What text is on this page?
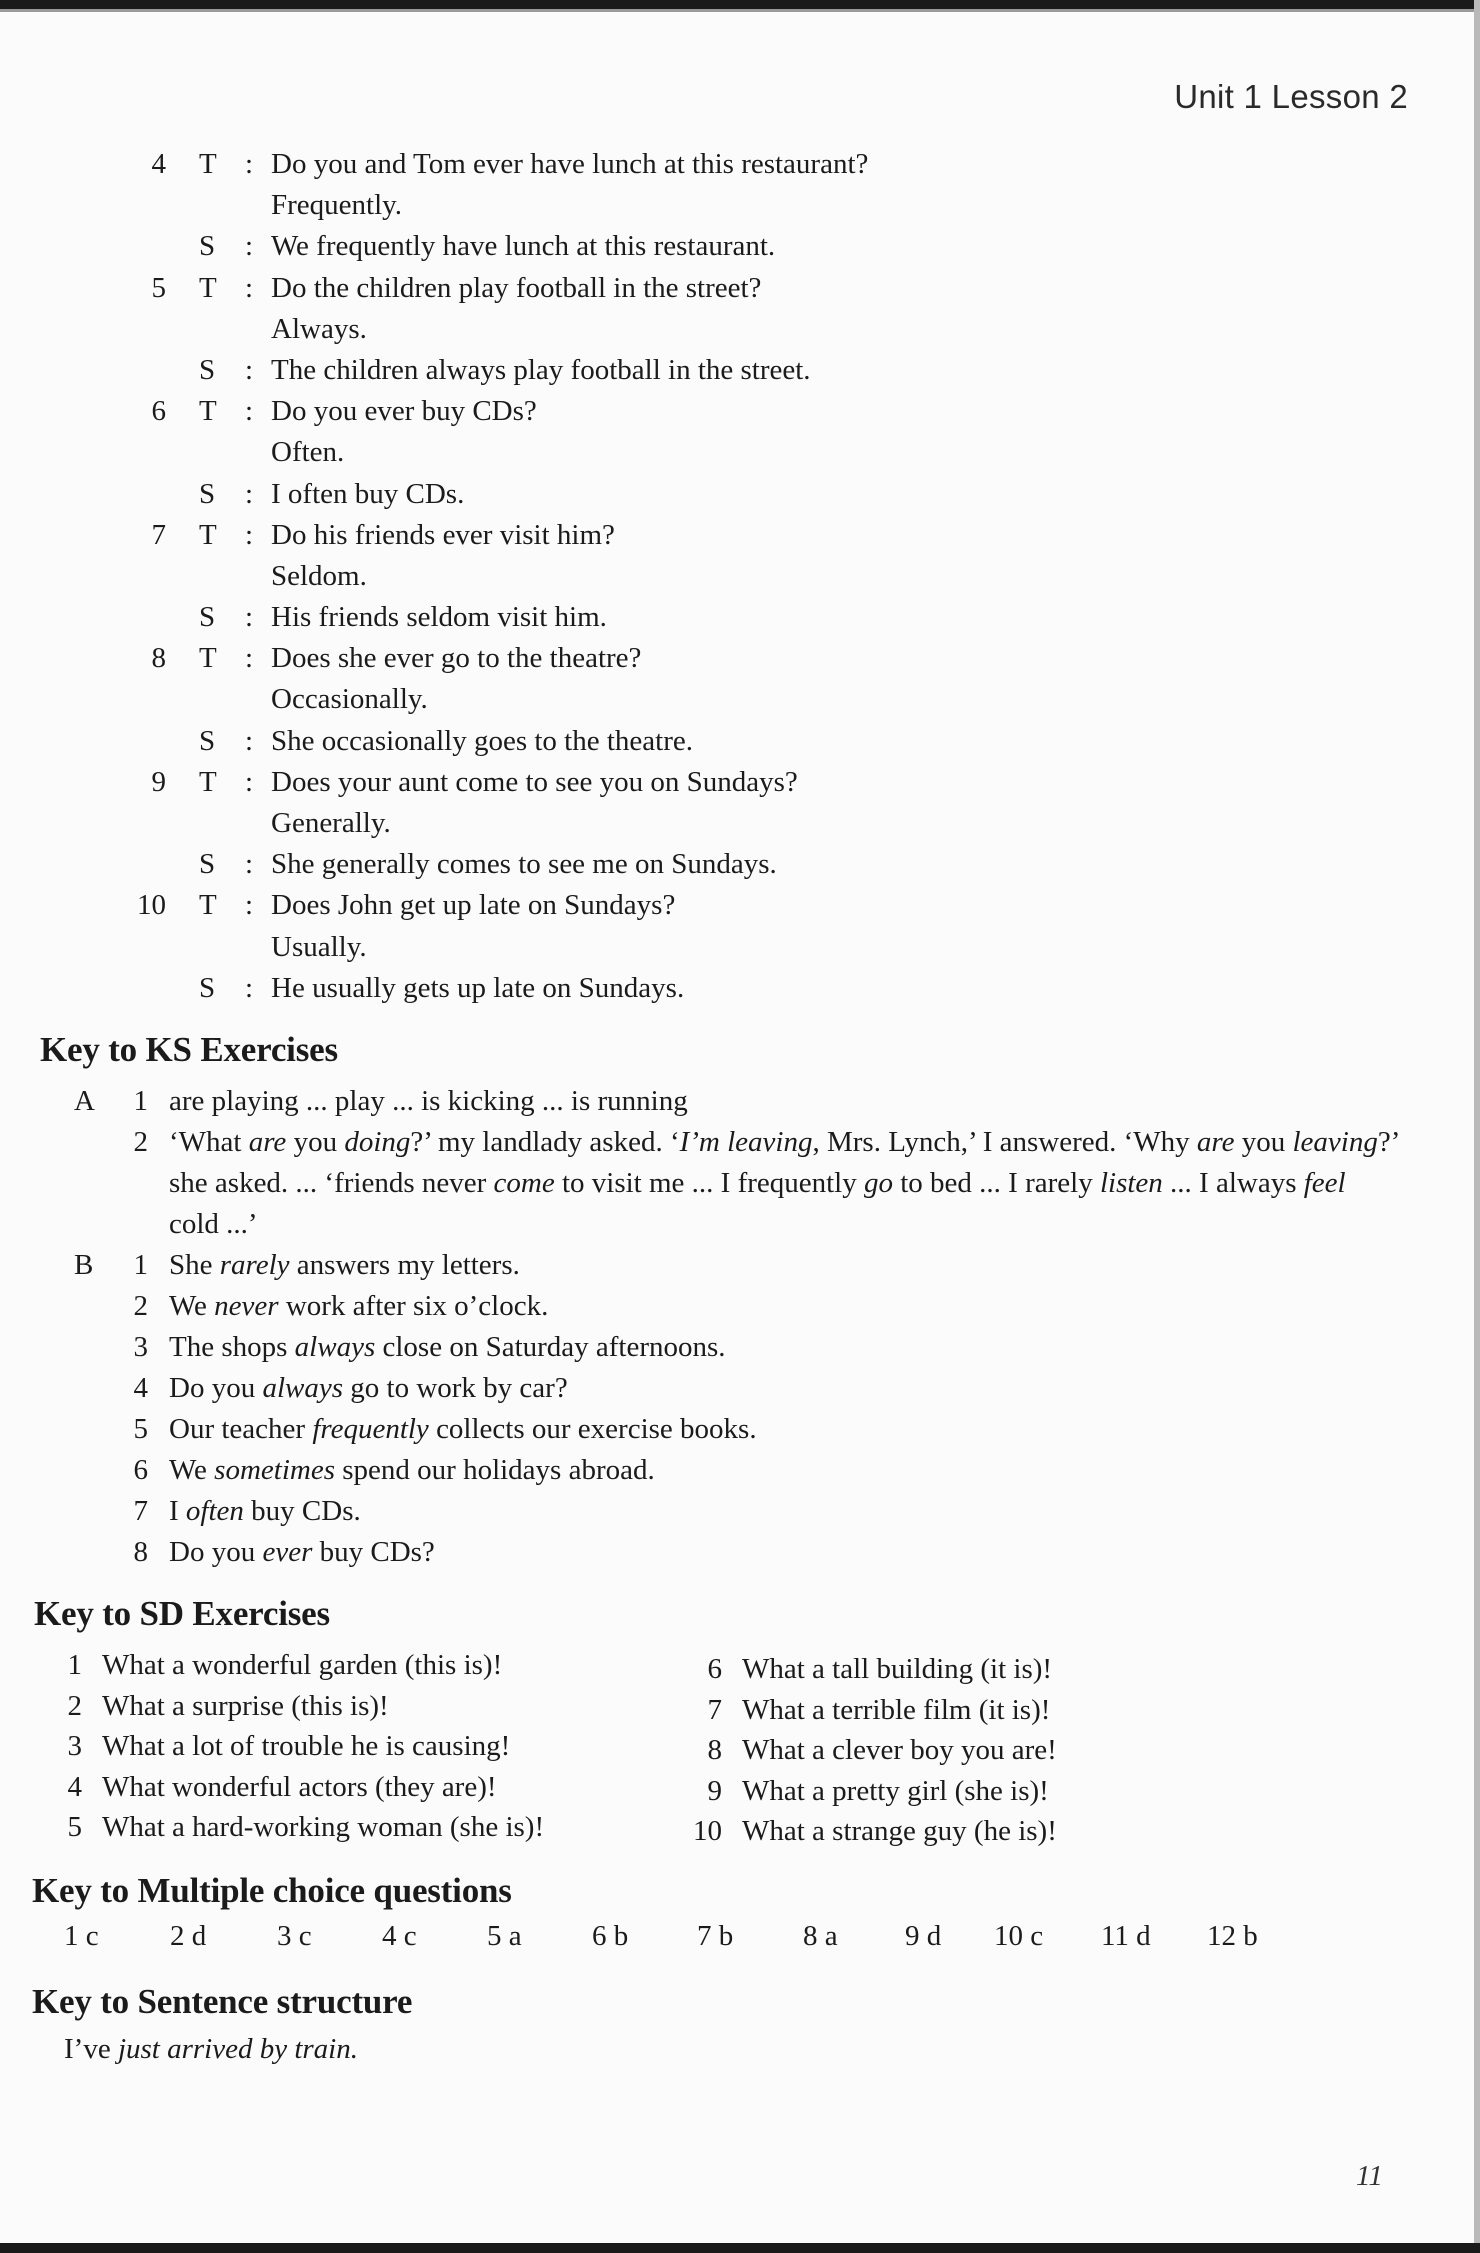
Unit 1 Lesson 2
4 T : Do you and Tom ever have lunch at this restaurant?
Frequently.
S : We frequently have lunch at this restaurant.
5 T : Do the children play football in the street?
Always.
S : The children always play football in the street.
6 T : Do you ever buy CDs?
Often.
S : I often buy CDs.
7 T : Do his friends ever visit him?
Seldom.
S : His friends seldom visit him.
8 T : Does she ever go to the theatre?
Occasionally.
S : She occasionally goes to the theatre.
9 T : Does your aunt come to see you on Sundays?
Generally.
S : She generally comes to see me on Sundays.
10 T : Does John get up late on Sundays?
Usually.
S : He usually gets up late on Sundays.
Key to KS Exercises
A	1 are playing ... play ... is kicking ... is running
2 ‘What are you doing?’ my landlady asked. ‘I’m leaving, Mrs. Lynch,’ I answered. ‘Why are you leaving?’ she asked. ... ‘friends never come to visit me ... I frequently go to bed ... I rarely listen ... I always feel cold ...’
B	1 She rarely answers my letters.
2 We never work after six o’clock.
3 The shops always close on Saturday afternoons.
4 Do you always go to work by car?
5 Our teacher frequently collects our exercise books.
6 We sometimes spend our holidays abroad.
7 I often buy CDs.
8 Do you ever buy CDs?
Key to SD Exercises
1 What a wonderful garden (this is)!
2 What a surprise (this is)!
3 What a lot of trouble he is causing!
4 What wonderful actors (they are)!
5 What a hard-working woman (she is)!
6 What a tall building (it is)!
7 What a terrible film (it is)!
8 What a clever boy you are!
9 What a pretty girl (she is)!
10 What a strange guy (he is)!
Key to Multiple choice questions
1 c 2 d 3 c 4 c 5 a 6 b 7 b 8 a 9 d 10 c 11 d 12 b
Key to Sentence structure
I’ve just arrived by train.
11
